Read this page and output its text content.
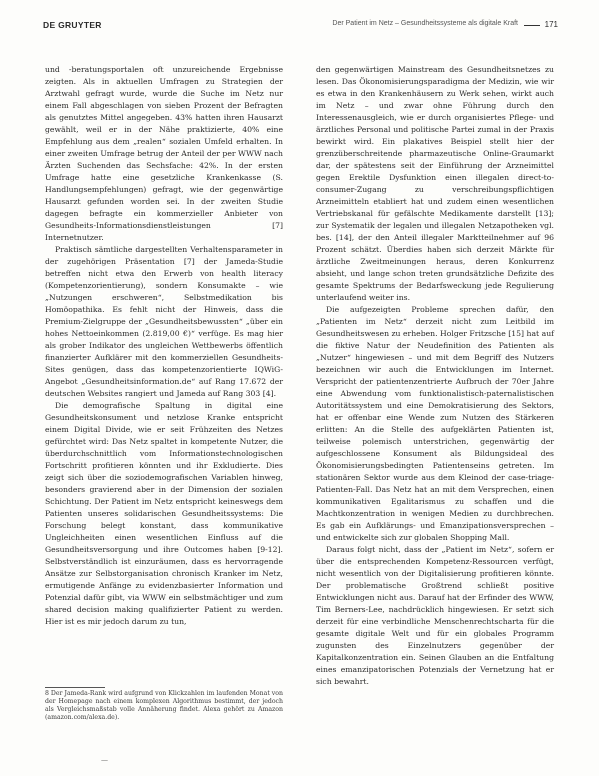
DE GRUYTER	Der Patient im Netz – Gesundheitssysteme als digitale Kraft	171

und -beratungsportalen oft unzureichende Ergebnisse zeigten. Als in aktuellen Umfragen zu Strategien der Arztwahl gefragt wurde, wurde die Suche im Netz nur einem Fall abgeschlagen von sieben Prozent der Befragten als genutztes Mittel angegeben. 43% hatten ihren Hausarzt gewählt, weil er in der Nähe praktizierte, 40% eine Empfehlung aus dem „realen“ sozialen Umfeld erhalten. In einer zweiten Umfrage betrug der Anteil der per WWW nach Ärzten Suchenden das Sechsfache: 42%. In der ersten Umfrage hatte eine gesetzliche Krankenkasse (S. Handlungsempfehlungen) gefragt, wie der gegenwärtige Hausarzt gefunden worden sei. In der zweiten Studie dagegen befragte ein kommerzieller Anbieter von Gesundheits-Informationsdienstleistungen [7] Internetnutzer.

Praktisch sämtliche dargestellten Verhaltensparameter in der zugehörigen Präsentation [7] der Jameda-Studie betreffen nicht etwa den Erwerb von health literacy (Kompetenzorientierung), sondern Konsumakte – wie „Nutzungen erschweren“, Selbstmedikation bis Homöopathika. Es fehlt nicht der Hinweis, dass die Premium-Zielgruppe der „Gesundheitsbewussten“ „über ein hohes Nettoeinkommen (2.819,00 €)“ verfüge. Es mag hier als grober Indikator des ungleichen Wettbewerbs öffentlich finanzierter Aufklärer mit den kommerziellen Gesundheits-Sites genügen, dass das kompetenzorientierte IQWiG-Angebot „Gesundheitsinformation.de“ auf Rang 17.672 der deutschen Websites rangiert und Jameda auf Rang 303 [4].

Die demografische Spaltung in digital eine Gesundheitskonsument und netzlose Kranke entspricht einem Digital Divide, wie er seit Frühzeiten des Netzes gefürchtet wird: Das Netz spaltet in kompetente Nutzer, die überdurchschnittlich vom Informationstechnologischen Fortschritt profitieren könnten und ihr Exkludierte. Dies zeigt sich über die soziodemografischen Variablen hinweg, besonders gravierend aber in der Dimension der sozialen Schichtung. Der Patient im Netz entspricht keineswegs dem Patienten unseres solidarischen Gesundheitssystems: Die Forschung belegt konstant, dass kommunikative Ungleichheiten einen wesentlichen Einfluss auf die Gesundheitsversorgung und ihre Outcomes haben [9-12]. Selbstverständlich ist einzuräumen, dass es hervorragende Ansätze zur Selbstorganisation chronisch Kranker im Netz, ermutigende Anfänge zu evidenzbasierter Information und Potenzial dafür gibt, via WWW ein selbstmächtiger und zum shared decision making qualifizierter Patient zu werden. Hier ist es mir jedoch darum zu tun,

den gegenwärtigen Mainstream des Gesundheitsnetzes zu lesen. Das Ökonomisierungsparadigma der Medizin, wie wir es etwa in den Krankenhäusern zu Werk sehen, wirkt auch im Netz – und zwar ohne Führung durch den Interessenausgleich, wie er durch organisiertes Pflege- und ärztliches Personal und politische Partei zumal in der Praxis bewirkt wird. Ein plakatives Beispiel stellt hier der grenzüberschreitende pharmazeutische Online-Graumarkt dar, der spätestens seit der Einführung der Arzneimittel gegen Erektile Dysfunktion einen illegalen direct-to-consumer-Zugang zu verschreibungspflichtigen Arzneimitteln etabliert hat und zudem einen wesentlichen Vertriebskanal für gefälschte Medikamente darstellt [13]; zur Systematik der legalen und illegalen Netzapotheken vgl. bes. [14], der den Anteil illegaler Marktteilnehmer auf 96 Prozent schätzt. Überdies haben sich derzeit Märkte für ärztliche Zweitmeinungen heraus, deren Konkurrenz absieht, und lange schon treten grundsätzliche Defizite des gesamte Spektrums der Bedarfsweckung jede Regulierung unterlaufend weiter ins.

Die aufgezeigten Probleme sprechen dafür, den „Patienten im Netz“ derzeit nicht zum Leitbild im Gesundheitswesen zu erheben. Holger Fritzsche [15] hat auf die fiktive Natur der Neudefinition des Patienten als „Nutzer“ hingewiesen – und mit dem Begriff des Nutzers bezeichnen wir auch die Entwicklungen im Internet. Verspricht der patientenzentrierte Aufbruch der 70er Jahre eine Abwendung vom funktionalistisch-paternalistischen Autoritätssystem und eine Demokratisierung des Sektors, hat er offenbar eine Wende zum Nutzen des Stärkeren erlitten: An die Stelle des aufgeklärten Patienten ist, teilweise polemisch unterstrichen, gegenwärtig der aufgeschlossene Konsument als Bildungsideal des Ökonomisierungsbedingten Patientenseins getreten. Im stationären Sektor wurde aus dem Kleinod der case-triage-Patienten-Fall. Das Netz hat an mit dem Versprechen, einen kommunikativen Egalitarismus zu schaffen und die Machtkonzentration in wenigen Medien zu durchbrechen. Es gab ein Aufklärungs- und Emanzipationsversprechen – und entwickelte sich zur globalen Shopping Mall.

Daraus folgt nicht, dass der „Patient im Netz“, sofern er über die entsprechenden Kompetenz-Ressourcen verfügt, nicht wesentlich von der Digitalisierung profitieren könnte. Der problematische Großtrend schließt positive Entwicklungen nicht aus. Darauf hat der Erfinder des WWW, Tim Berners-Lee, nachdrücklich hingewiesen. Er setzt sich derzeit für eine verbindliche Menschenrechtscharta für die gesamte digitale Welt und für ein globales Programm zugunsten des Einzelnutzers gegenüber der Kapitalkonzentration ein. Seinen Glauben an die Entfaltung eines emanzipatorischen Potenzials der Vernetzung hat er sich bewahrt.

8 Der Jameda-Rank wird aufgrund von Klickzahlen im laufenden Monat von der Homepage nach einem komplexen Algorithmus bestimmt, der jedoch als Vergleichsmaßstab volle Annäherung findet. Alexa gehört zu Amazon (amazon.com/alexa.de).
—
